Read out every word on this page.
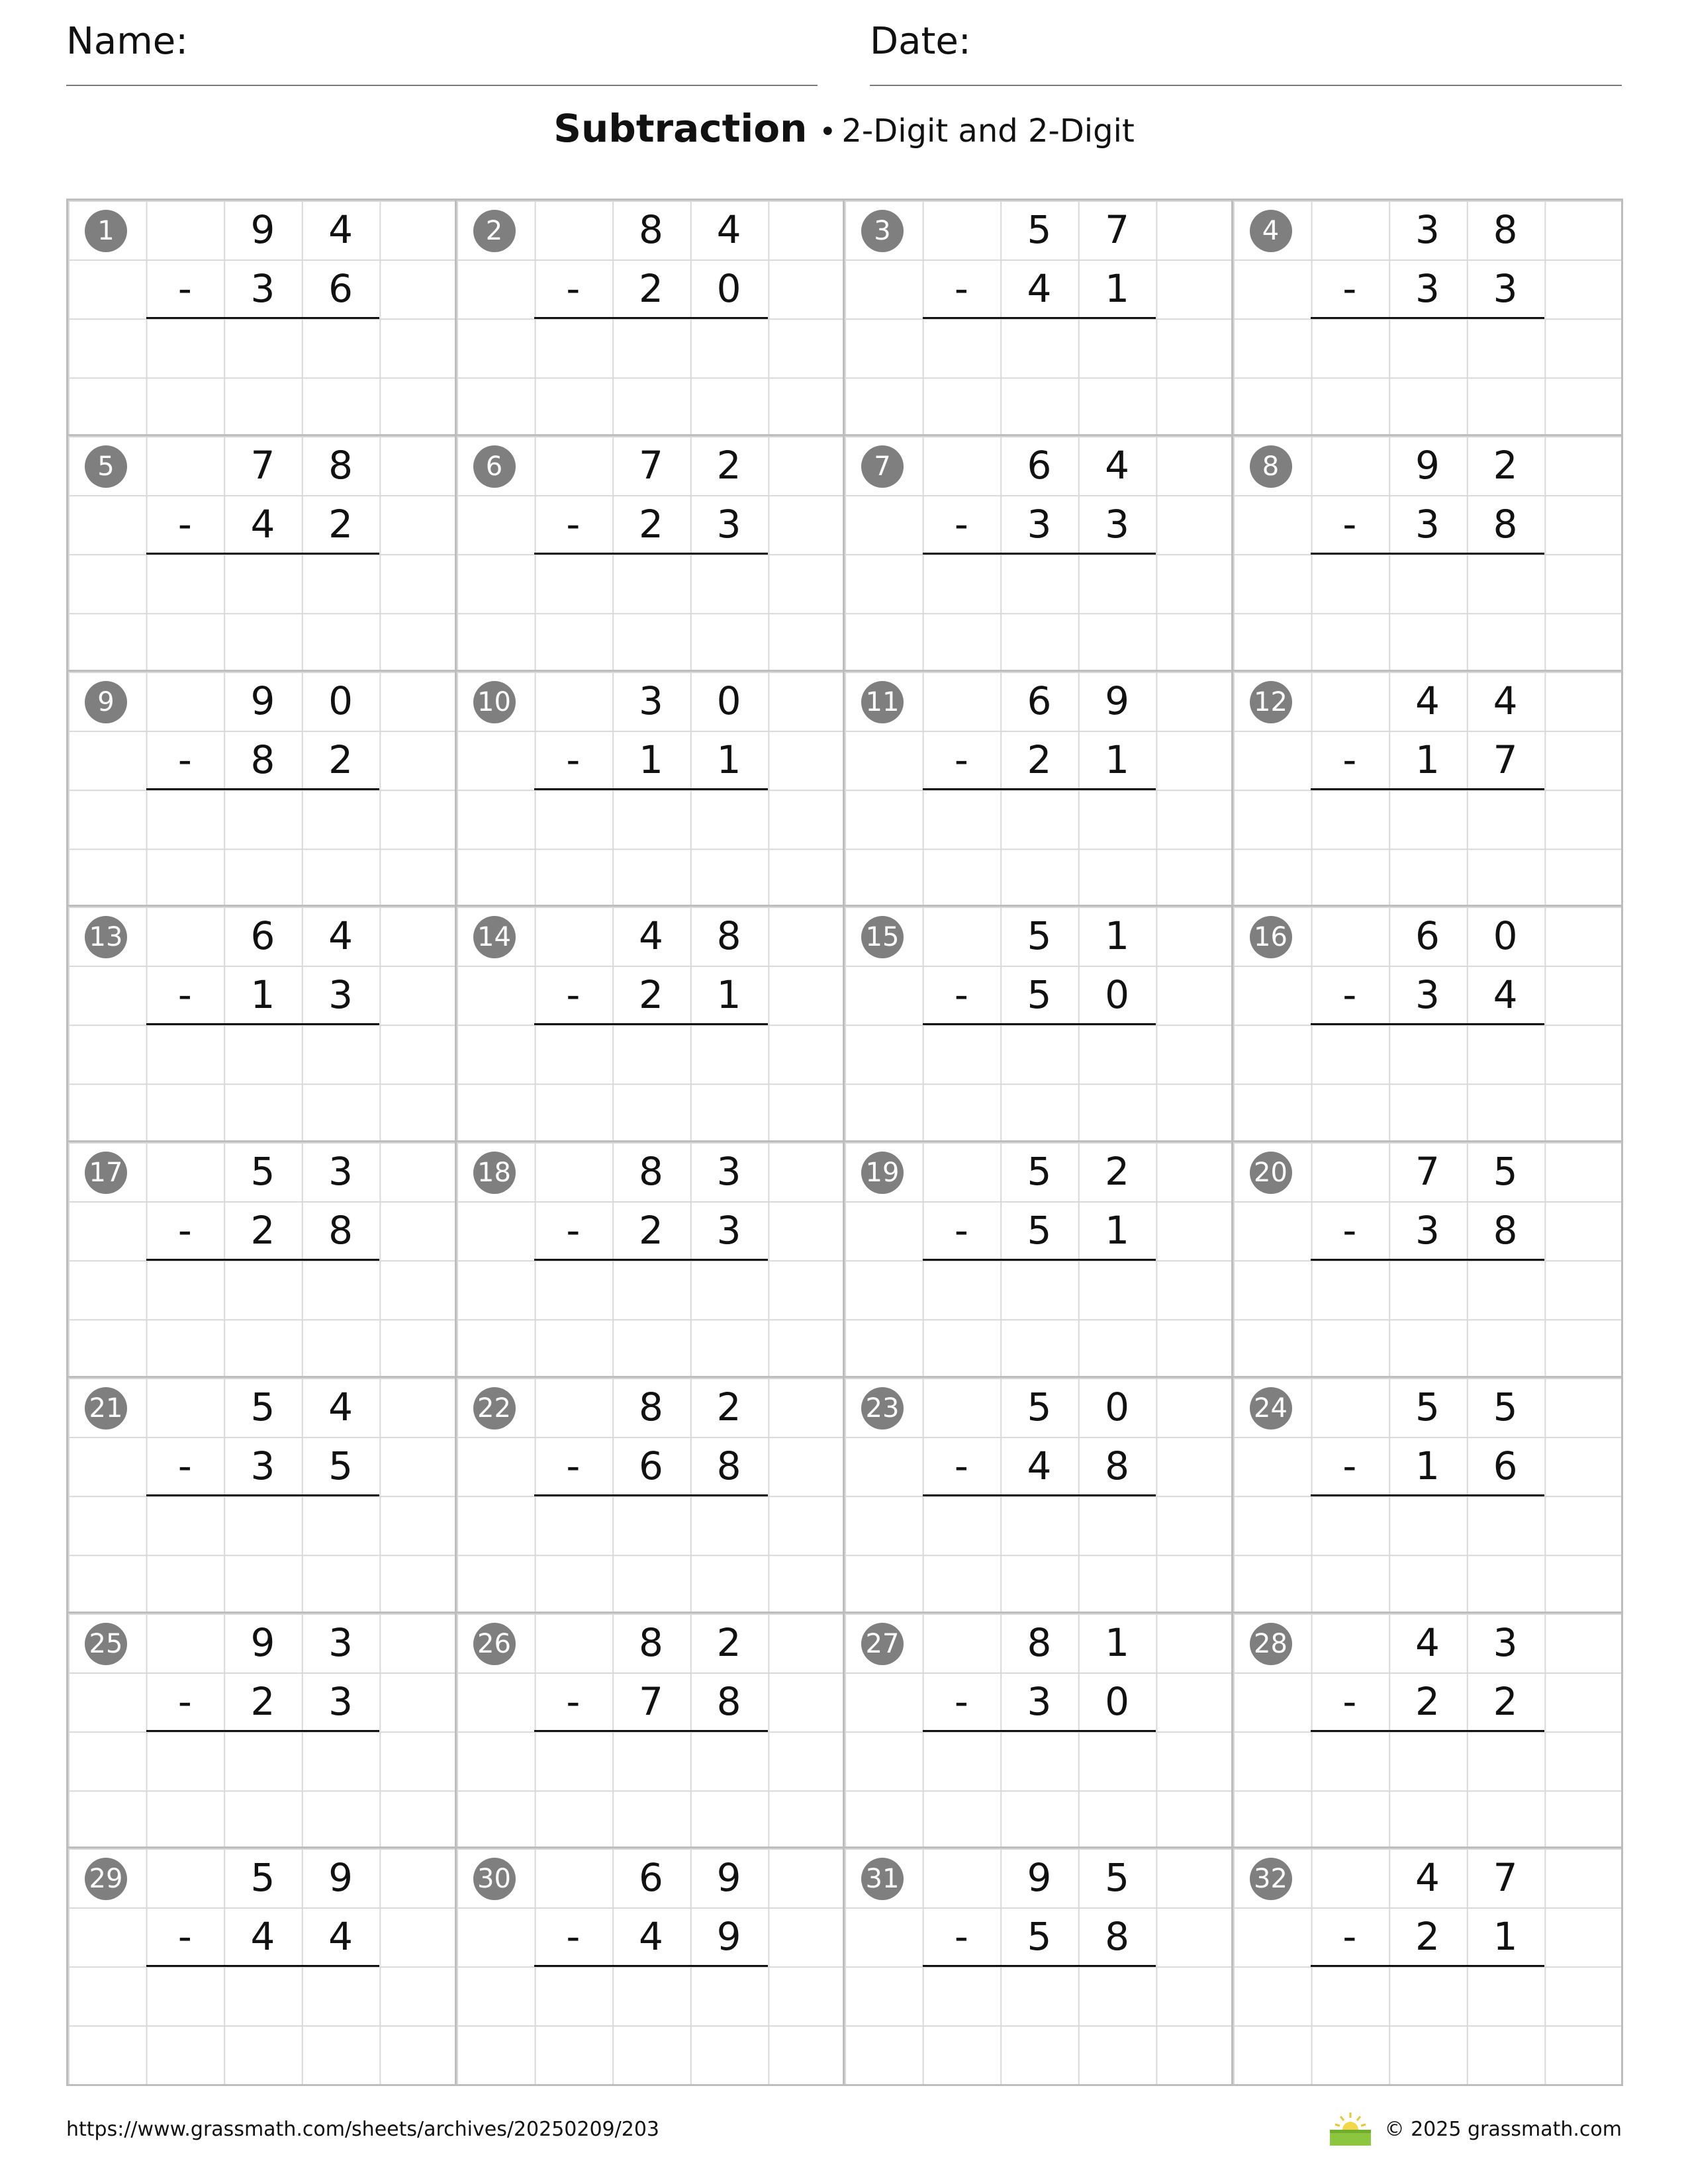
Name:	Date:
Subtraction • 2-Digit and 2-Digit
1	9	4
-	3	6
2	8	4
-	2	0
3	5	7
-	4	1
4	3	8
-	3	3
5	7	8
-	4	2
6	7	2
-	2	3
7	6	4
-	3	3
8	9	2
-	3	8
9	9	0
-	8	2
10	3	0
-	1	1
11	6	9
-	2	1
12	4	4
-	1	7
13	6	4
-	1	3
14	4	8
-	2	1
15	5	1
-	5	0
16	6	0
-	3	4
17	5	3
-	2	8
18	8	3
-	2	3
19	5	2
-	5	1
20	7	5
-	3	8
21	5	4
-	3	5
22	8	2
-	6	8
23	5	0
-	4	8
24	5	5
-	1	6
25	9	3
-	2	3
26	8	2
-	7	8
27	8	1
-	3	0
28	4	3
-	2	2
29	5	9
-	4	4
30	6	9
-	4	9
31	9	5
-	5	8
32	4	7
-	2	1
https://www.grassmath.com/sheets/archives/20250209/203	© 2025 grassmath.com
